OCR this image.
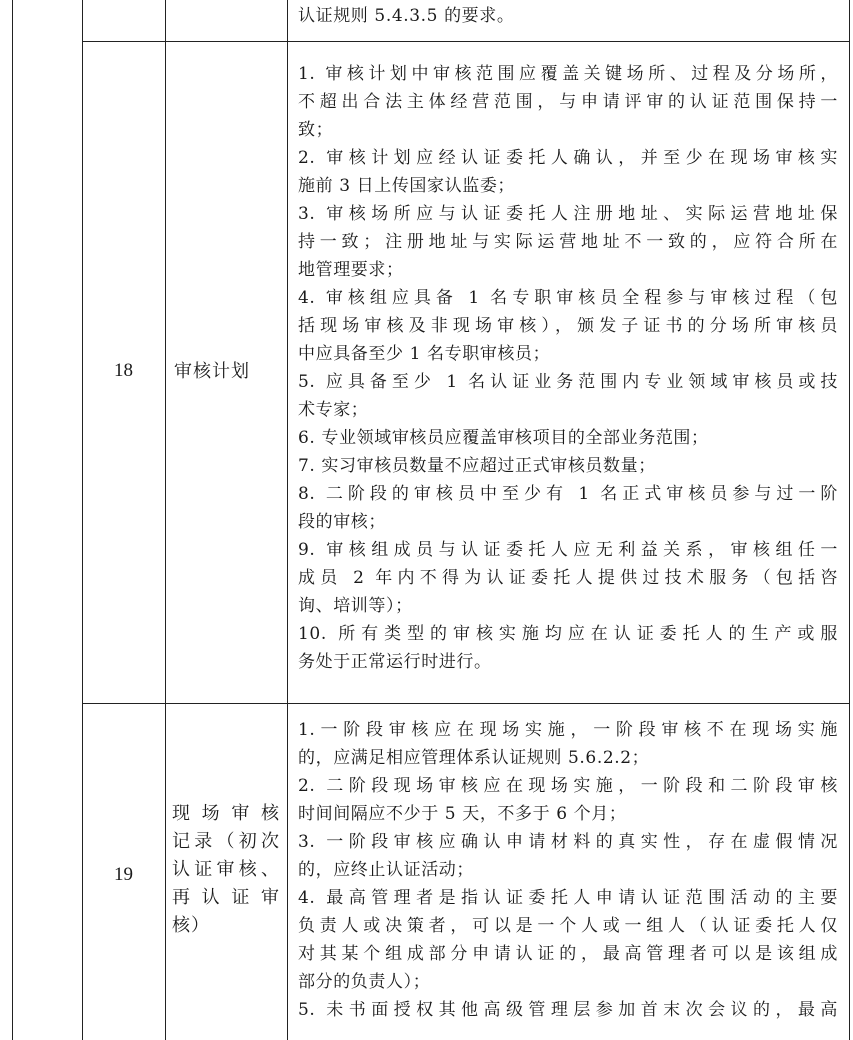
认证规则 5.4.3.5 的要求。
18	审核计划
1. 审核计划中审核范围应覆盖关键场所、过程及分场所，
不超出合法主体经营范围，与申请评审的认证范围保持一
致；
2. 审核计划应经认证委托人确认，并至少在现场审核实
施前 3 日上传国家认监委；
3. 审核场所应与认证委托人注册地址、实际运营地址保
持一致；注册地址与实际运营地址不一致的，应符合所在
地管理要求；
4. 审核组应具备 1 名专职审核员全程参与审核过程（包
括现场审核及非现场审核），颁发子证书的分场所审核员
中应具备至少 1 名专职审核员；
5. 应具备至少 1 名认证业务范围内专业领域审核员或技
术专家；
6. 专业领域审核员应覆盖审核项目的全部业务范围；
7. 实习审核员数量不应超过正式审核员数量；
8. 二阶段的审核员中至少有 1 名正式审核员参与过一阶
段的审核；
9. 审核组成员与认证委托人应无利益关系，审核组任一
成员 2 年内不得为认证委托人提供过技术服务（包括咨
询、培训等）；
10. 所有类型的审核实施均应在认证委托人的生产或服
务处于正常运行时进行。
19
现场审核
记录（初次
认证审核、
再认证审
核）
1.一阶段审核应在现场实施，一阶段审核不在现场实施
的，应满足相应管理体系认证规则 5.6.2.2；
2. 二阶段现场审核应在现场实施，一阶段和二阶段审核
时间间隔应不少于 5 天，不多于 6 个月；
3. 一阶段审核应确认申请材料的真实性，存在虚假情况
的，应终止认证活动；
4. 最高管理者是指认证委托人申请认证范围活动的主要
负责人或决策者，可以是一个人或一组人（认证委托人仅
对其某个组成部分申请认证的，最高管理者可以是该组成
部分的负责人）；
5. 未书面授权其他高级管理层参加首末次会议的，最高
